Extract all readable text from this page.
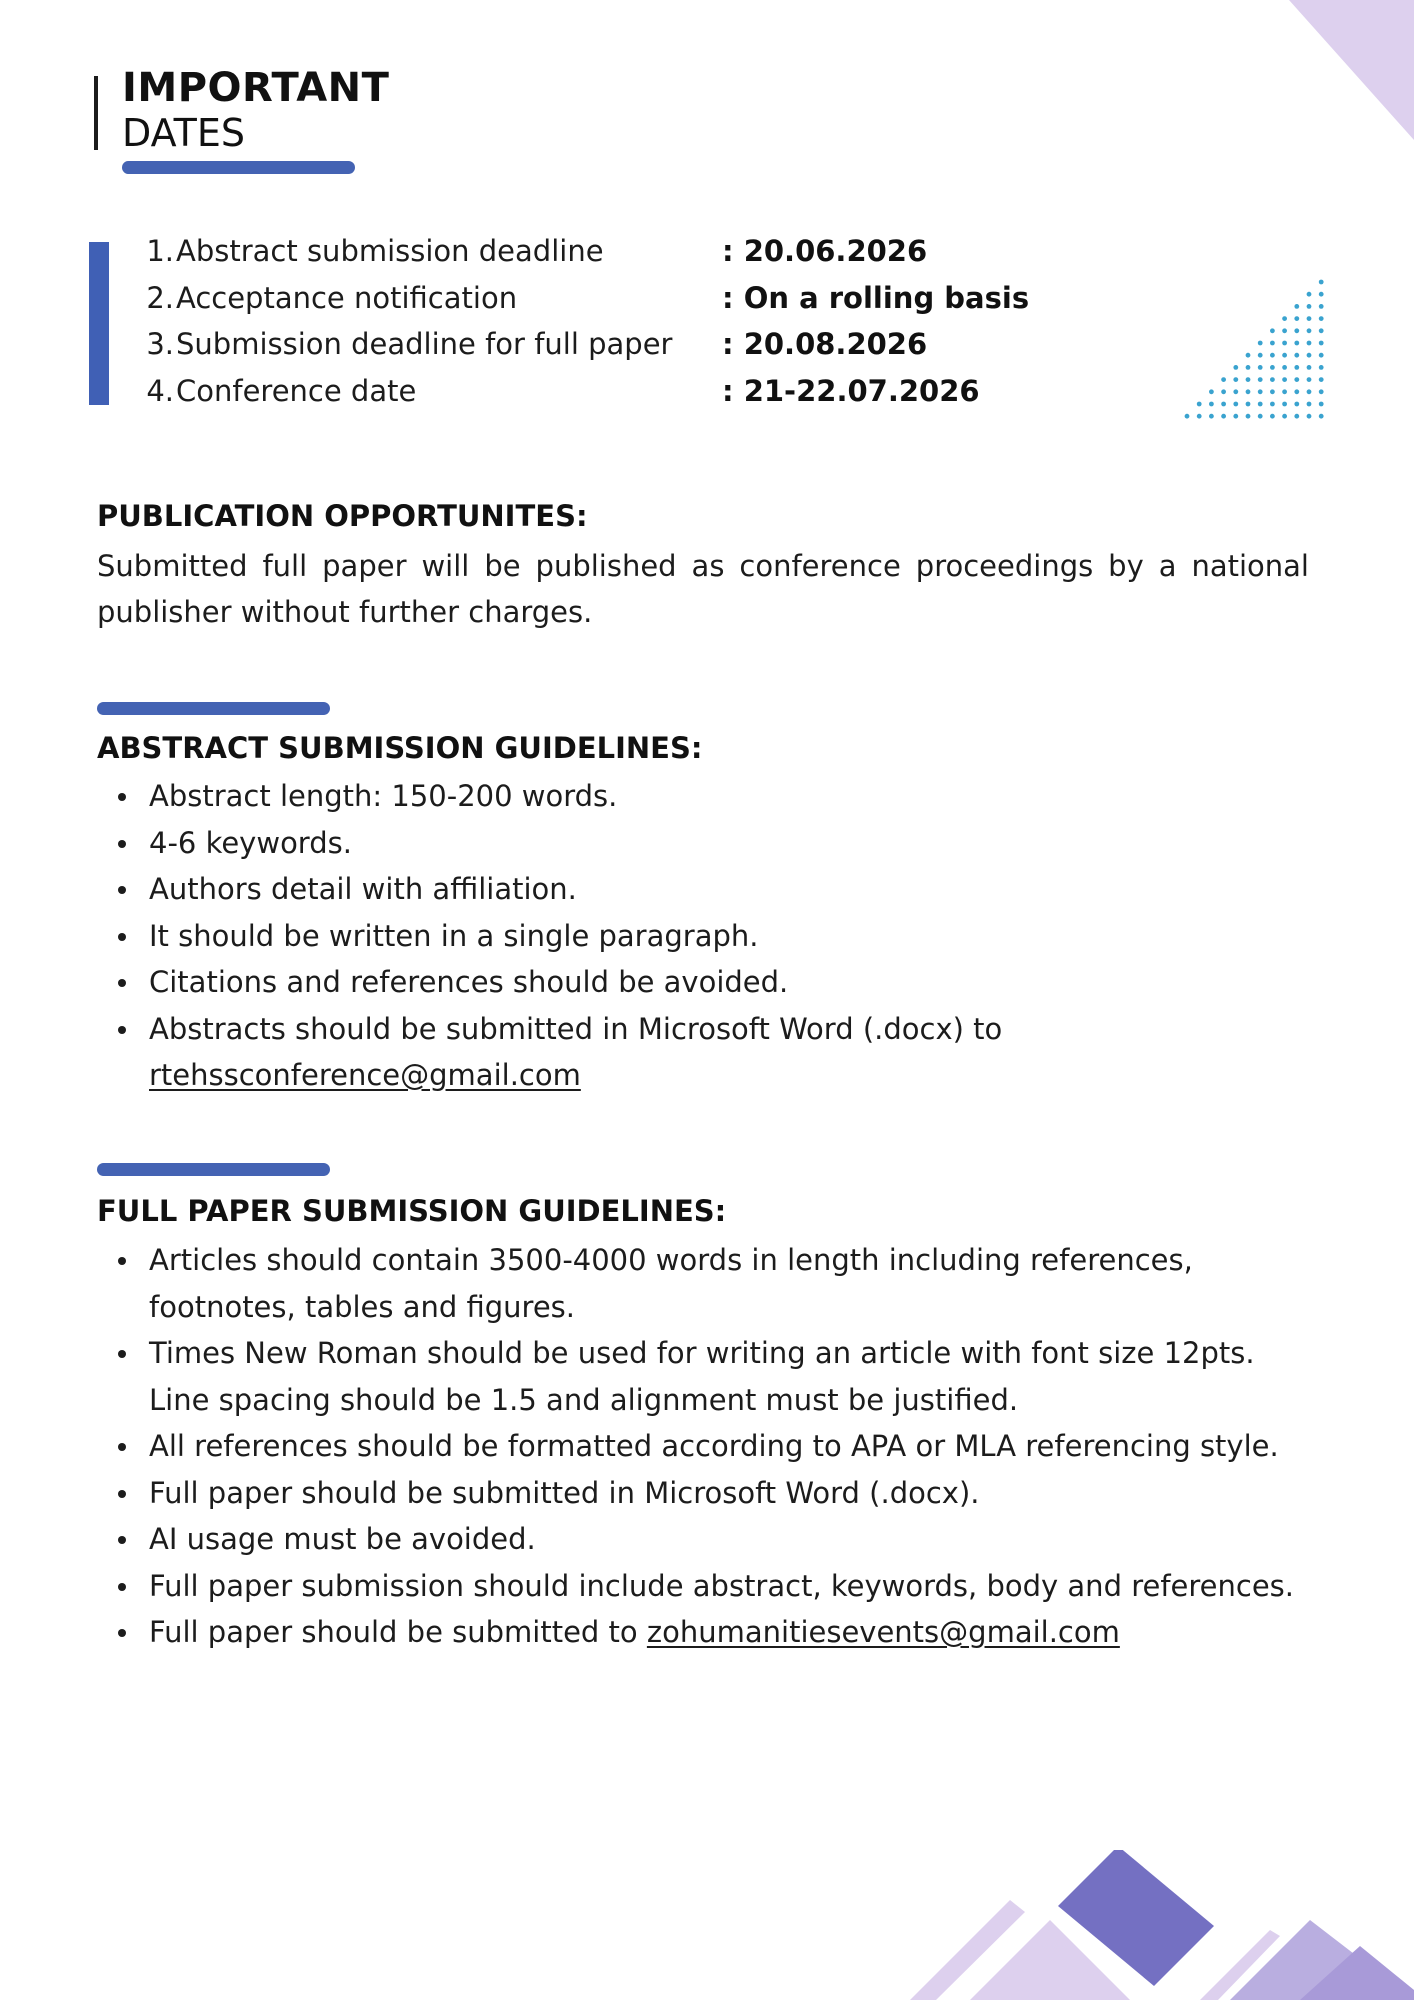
IMPORTANT
DATES
1. Abstract submission deadline	: 20.06.2026
2. Acceptance notification	: On a rolling basis
3. Submission deadline for full paper	: 20.08.2026
4. Conference date	: 21-22.07.2026
PUBLICATION OPPORTUNITES:

Submitted full paper will be published as conference proceedings by a national publisher without further charges.

ABSTRACT SUBMISSION GUIDELINES:
Abstract length: 150-200 words.
4-6 keywords.
Authors detail with affiliation.
It should be written in a single paragraph.
Citations and references should be avoided.
Abstracts should be submitted in Microsoft Word (.docx) to
rtehssconference@gmail.com
FULL PAPER SUBMISSION GUIDELINES:
Articles should contain 3500-4000 words in length including references, footnotes, tables and figures.
Times New Roman should be used for writing an article with font size 12pts. Line spacing should be 1.5 and alignment must be justified.
All references should be formatted according to APA or MLA referencing style.
Full paper should be submitted in Microsoft Word (.docx).
AI usage must be avoided.
Full paper submission should include abstract, keywords, body and references.
Full paper should be submitted to zohumanitiesevents@gmail.com
